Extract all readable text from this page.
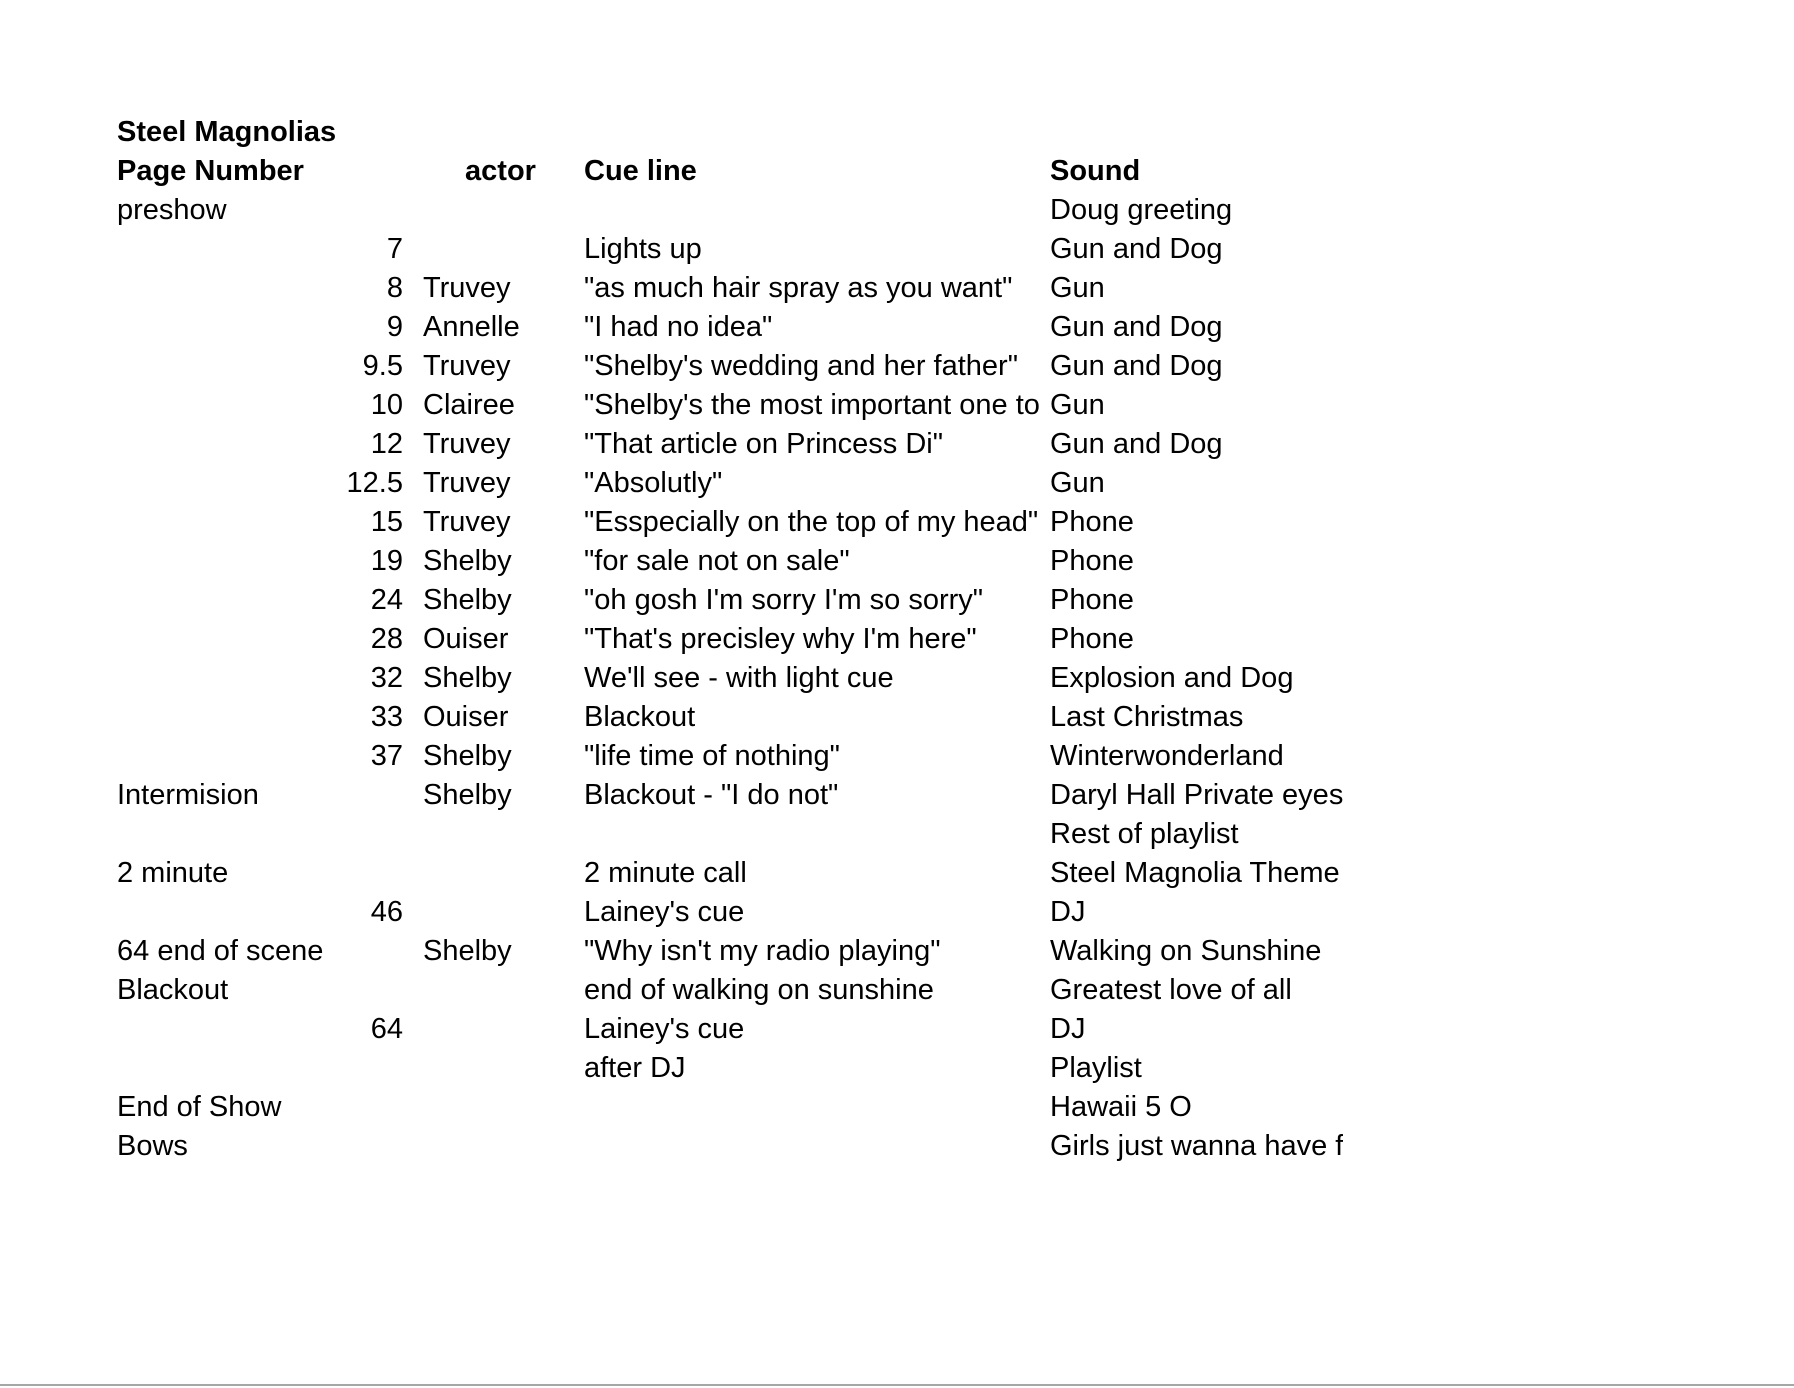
Steel Magnolias
Page Number	actor	Cue line	Sound
preshow			Doug greeting
7		Lights up	Gun and Dog
8	Truvey	"as much hair spray as you want"	Gun
9	Annelle	"I had no idea"	Gun and Dog
9.5	Truvey	"Shelby's wedding and her father"	Gun and Dog
10	Clairee	"Shelby's the most important one to	Gun
12	Truvey	"That article on Princess Di"	Gun and Dog
12.5	Truvey	"Absolutly"	Gun
15	Truvey	"Esspecially on the top of my head"	Phone
19	Shelby	"for sale not on sale"	Phone
24	Shelby	"oh gosh I'm sorry I'm so sorry"	Phone
28	Ouiser	"That's precisley why I'm here"	Phone
32	Shelby	We'll see - with light cue	Explosion and Dog
33	Ouiser	Blackout	Last Christmas
37	Shelby	"life time of nothing"	Winterwonderland
Intermision	Shelby	Blackout - "I do not"	Daryl Hall Private eyes
			Rest of playlist
2 minute		2 minute call	Steel Magnolia Theme
46		Lainey's cue	DJ
64 end of scene	Shelby	"Why isn't my radio playing"	Walking on Sunshine
Blackout		end of walking on sunshine	Greatest love of all
64		Lainey's cue	DJ
		after DJ	Playlist
End of Show			Hawaii 5 O
Bows			Girls just wanna have f
